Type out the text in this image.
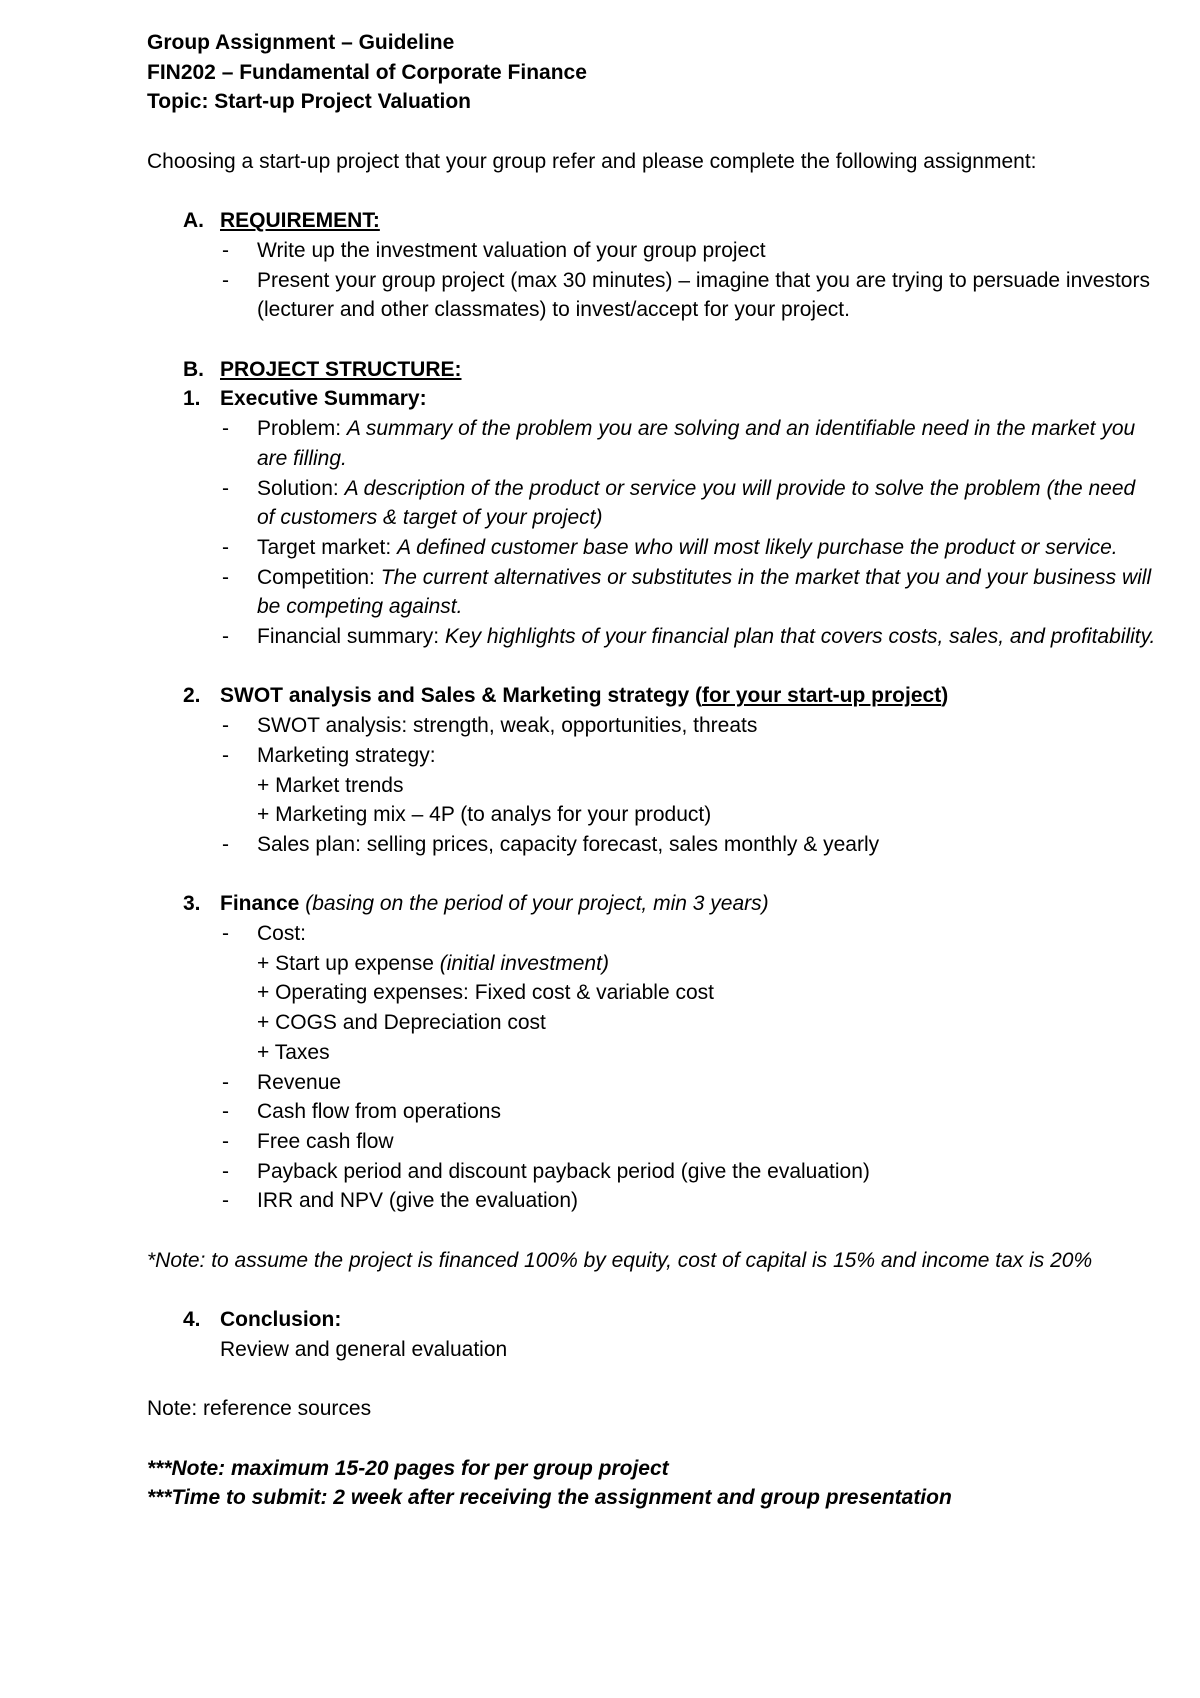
Group Assignment – Guideline

FIN202 – Fundamental of Corporate Finance

Topic: Start-up Project Valuation

Choosing a start-up project that your group refer and please complete the following assignment:

A. REQUIREMENT:

- Write up the investment valuation of your group project

- Present your group project (max 30 minutes) – imagine that you are trying to persuade investors (lecturer and other classmates) to invest/accept for your project.

B. PROJECT STRUCTURE:

1. Executive Summary:

- Problem: A summary of the problem you are solving and an identifiable need in the market you are filling.

- Solution: A description of the product or service you will provide to solve the problem (the need of customers & target of your project)

- Target market: A defined customer base who will most likely purchase the product or service.

- Competition: The current alternatives or substitutes in the market that you and your business will be competing against.

- Financial summary: Key highlights of your financial plan that covers costs, sales, and profitability.

2. SWOT analysis and Sales & Marketing strategy (for your start-up project)

- SWOT analysis: strength, weak, opportunities, threats

- Marketing strategy:

+ Market trends

+ Marketing mix – 4P (to analys for your product)

- Sales plan: selling prices, capacity forecast, sales monthly & yearly

3. Finance (basing on the period of your project, min 3 years)

- Cost:

+ Start up expense (initial investment)

+ Operating expenses: Fixed cost & variable cost

+ COGS and Depreciation cost

+ Taxes

- Revenue

- Cash flow from operations

- Free cash flow

- Payback period and discount payback period (give the evaluation)

- IRR and NPV (give the evaluation)

*Note: to assume the project is financed 100% by equity, cost of capital is 15% and income tax is 20%

4. Conclusion:

Review and general evaluation

Note: reference sources

***Note: maximum 15-20 pages for per group project

***Time to submit: 2 week after receiving the assignment and group presentation
